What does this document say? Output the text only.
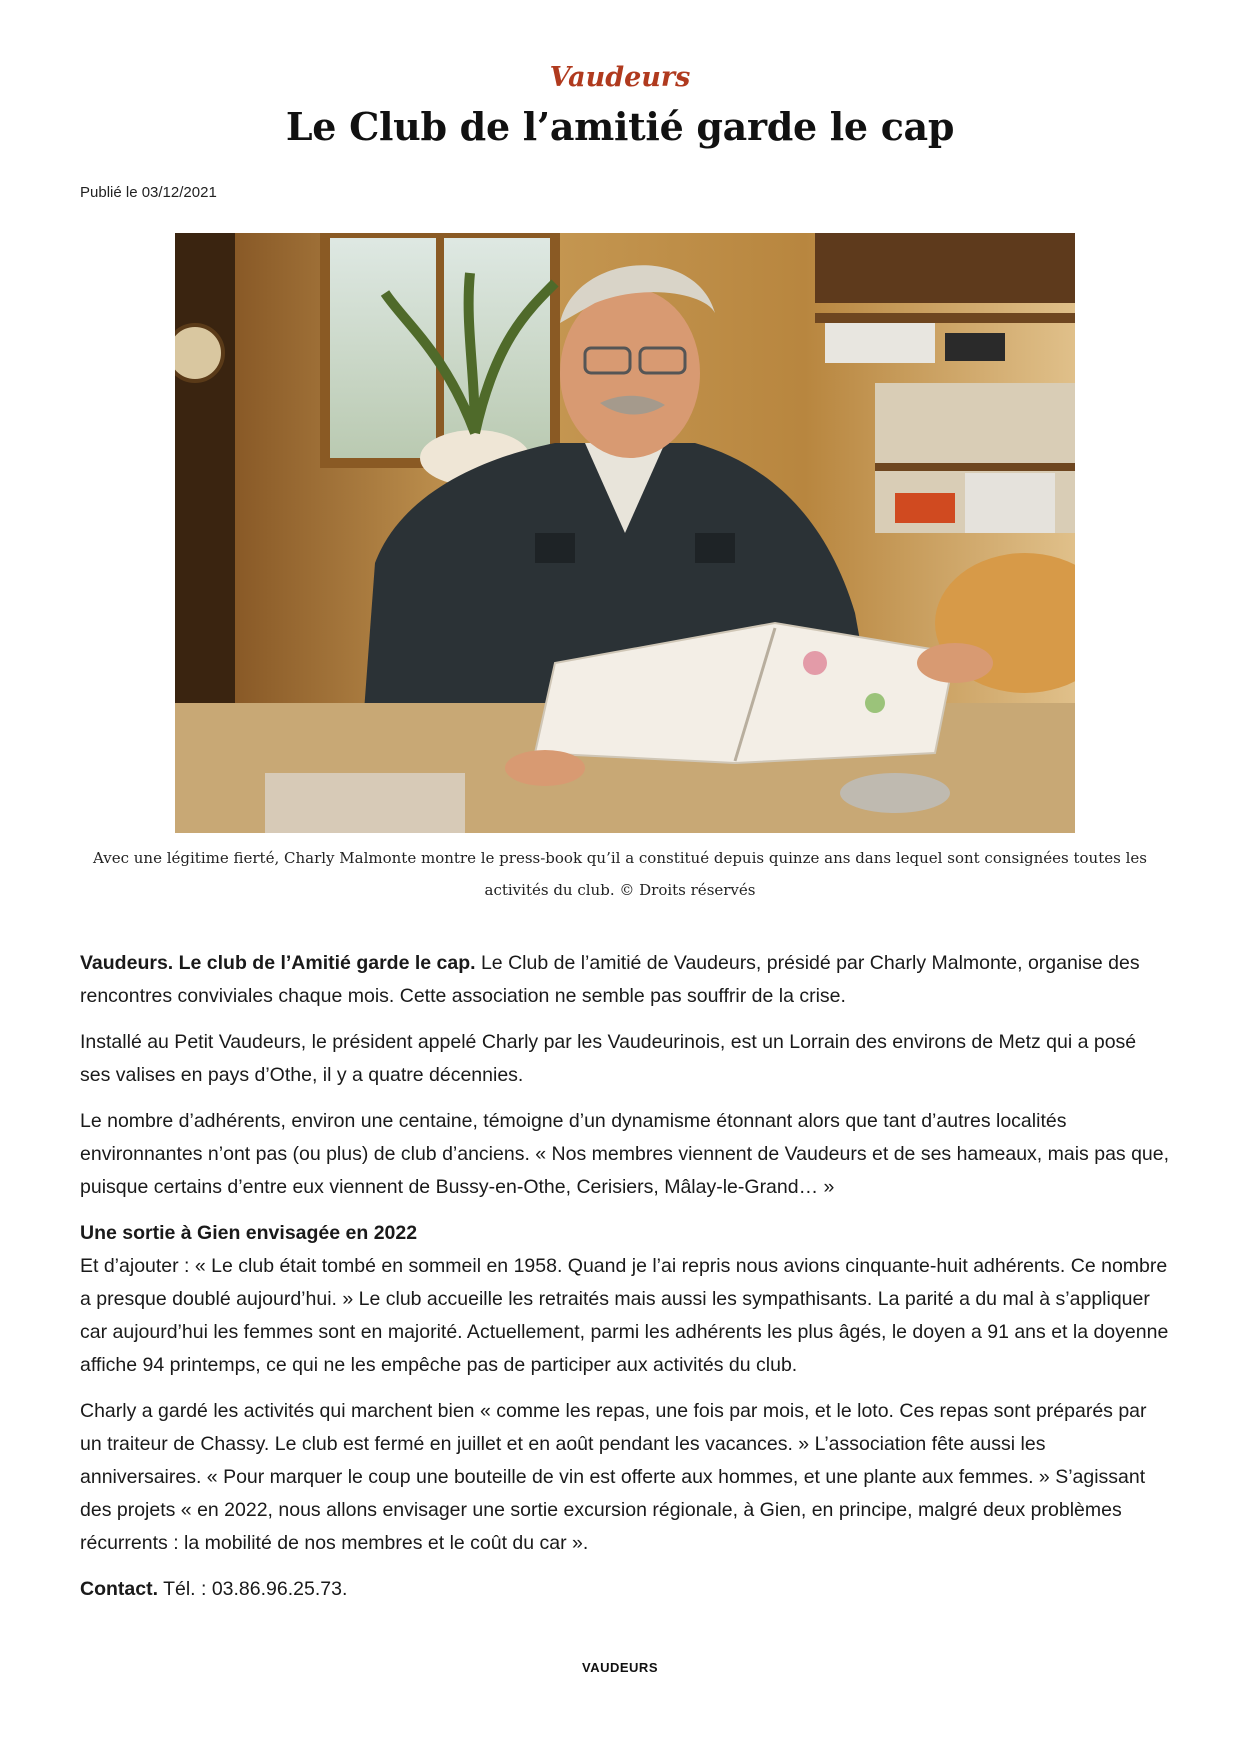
Vaudeurs
Le Club de l’amitié garde le cap
Publié le 03/12/2021
Avec une légitime fierté, Charly Malmonte montre le press-book qu’il a constitué depuis quinze ans dans lequel sont consignées toutes les activités du club. © Droits réservés

Vaudeurs. Le club de l’Amitié garde le cap. Le Club de l’amitié de Vaudeurs, présidé par Charly Malmonte, organise des rencontres conviviales chaque mois. Cette association ne semble pas souffrir de la crise.

Installé au Petit Vaudeurs, le président appelé Charly par les Vaudeurinois, est un Lorrain des environs de Metz qui a posé ses valises en pays d’Othe, il y a quatre décennies.

Le nombre d’adhérents, environ une centaine, témoigne d’un dynamisme étonnant alors que tant d’autres localités environnantes n’ont pas (ou plus) de club d’anciens. « Nos membres viennent de Vaudeurs et de ses hameaux, mais pas que, puisque certains d’entre eux viennent de Bussy-en-Othe, Cerisiers, Mâlay-le-Grand… »

Une sortie à Gien envisagée en 2022

Et d’ajouter : « Le club était tombé en sommeil en 1958. Quand je l’ai repris nous avions cinquante-huit adhérents. Ce nombre a presque doublé aujourd’hui. » Le club accueille les retraités mais aussi les sympathisants. La parité a du mal à s’appliquer car aujourd’hui les femmes sont en majorité. Actuellement, parmi les adhérents les plus âgés, le doyen a 91 ans et la doyenne affiche 94 printemps, ce qui ne les empêche pas de participer aux activités du club.

Charly a gardé les activités qui marchent bien « comme les repas, une fois par mois, et le loto. Ces repas sont préparés par un traiteur de Chassy. Le club est fermé en juillet et en août pendant les vacances. » L’association fête aussi les anniversaires. « Pour marquer le coup une bouteille de vin est offerte aux hommes, et une plante aux femmes. » S’agissant des projets « en 2022, nous allons envisager une sortie excursion régionale, à Gien, en principe, malgré deux problèmes récurrents : la mobilité de nos membres et le coût du car ».

Contact. Tél. : 03.86.96.25.73.

VAUDEURS
